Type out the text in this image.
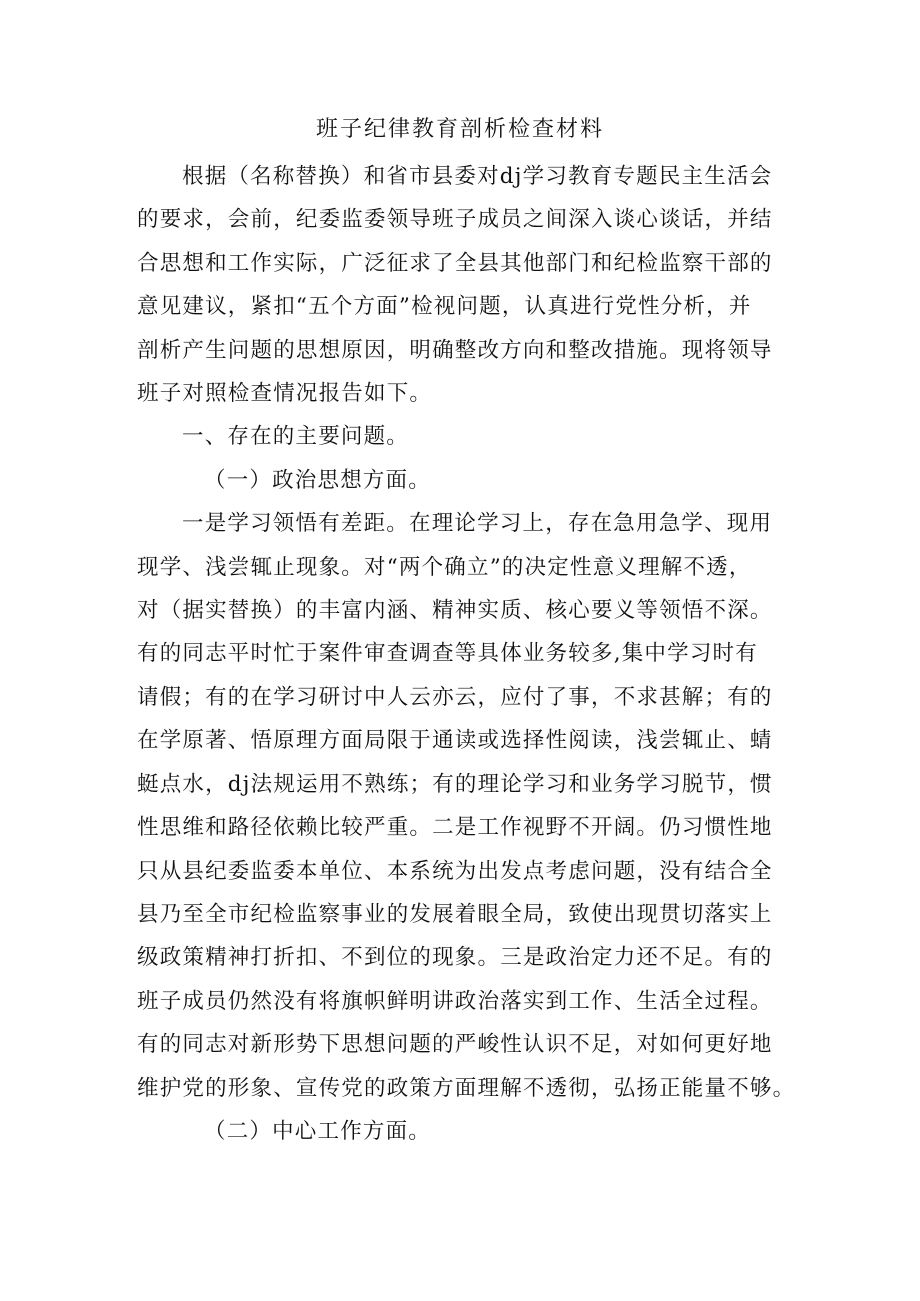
班子纪律教育剖析检查材料
根据（名称替换）和省市县委对dj学习教育专题民主生活会
的要求，会前，纪委监委领导班子成员之间深入谈心谈话，并结
合思想和工作实际，广泛征求了全县其他部门和纪检监察干部的
意见建议，紧扣“五个方面”检视问题，认真进行党性分析，并
剖析产生问题的思想原因，明确整改方向和整改措施。现将领导
班子对照检查情况报告如下。
一、存在的主要问题。
（一）政治思想方面。
一是学习领悟有差距。在理论学习上，存在急用急学、现用
现学、浅尝辄止现象。对“两个确立”的决定性意义理解不透，
对（据实替换）的丰富内涵、精神实质、核心要义等领悟不深。
有的同志平时忙于案件审查调查等具体业务较多,集中学习时有
请假；有的在学习研讨中人云亦云，应付了事，不求甚解；有的
在学原著、悟原理方面局限于通读或选择性阅读，浅尝辄止、蜻
蜓点水，dj法规运用不熟练；有的理论学习和业务学习脱节，惯
性思维和路径依赖比较严重。二是工作视野不开阔。仍习惯性地
只从县纪委监委本单位、本系统为出发点考虑问题，没有结合全
县乃至全市纪检监察事业的发展着眼全局，致使出现贯切落实上
级政策精神打折扣、不到位的现象。三是政治定力还不足。有的
班子成员仍然没有将旗帜鲜明讲政治落实到工作、生活全过程。
有的同志对新形势下思想问题的严峻性认识不足，对如何更好地
维护党的形象、宣传党的政策方面理解不透彻，弘扬正能量不够。
（二）中心工作方面。
